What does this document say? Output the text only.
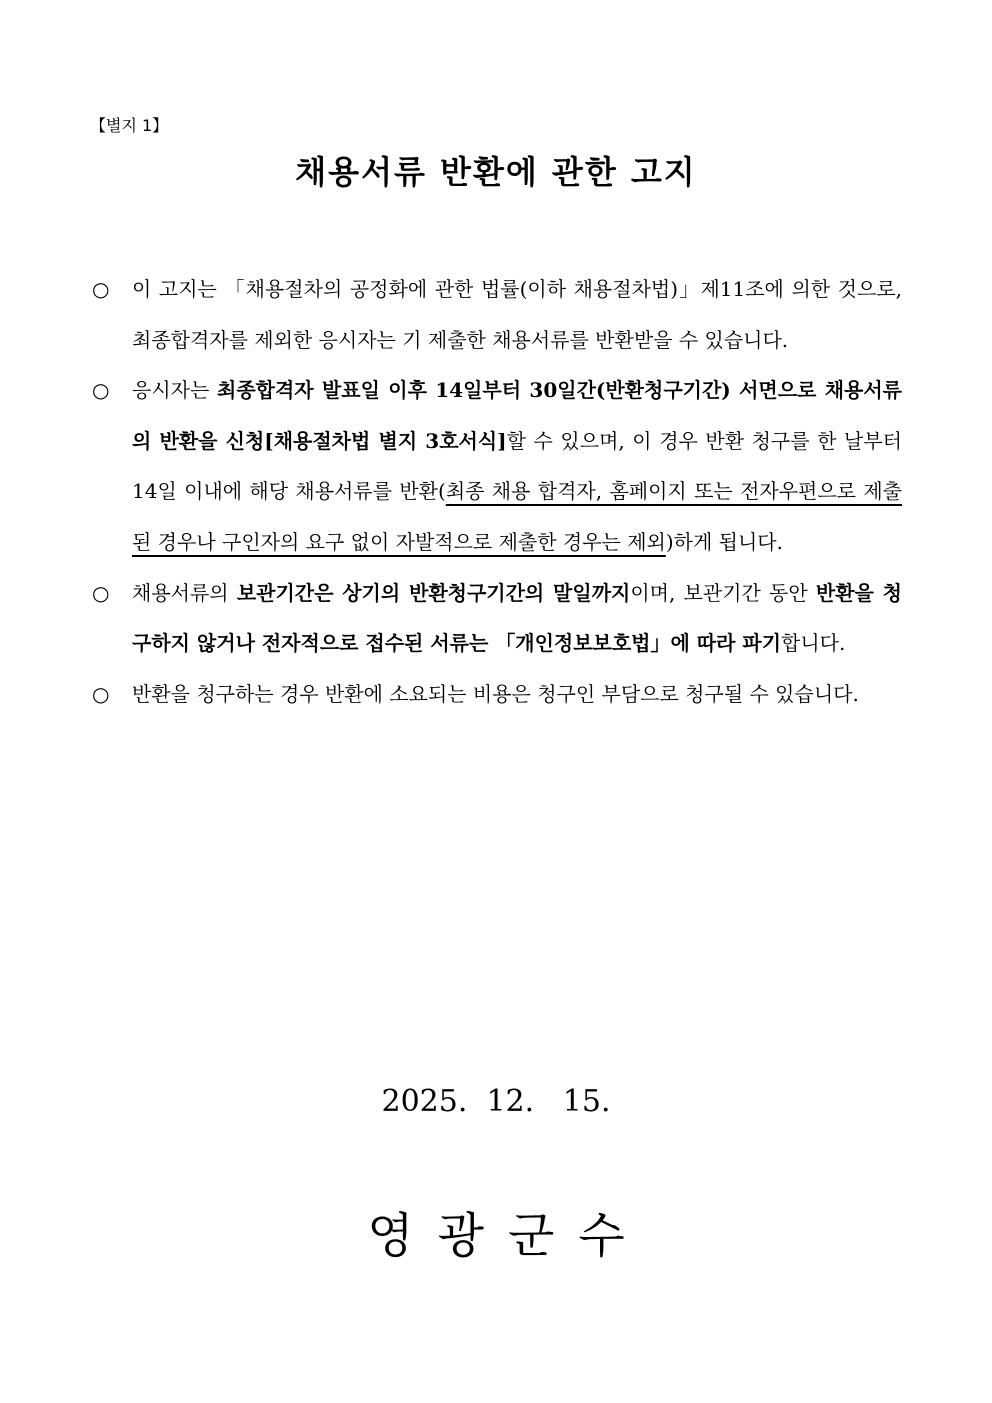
【별지 1】
채용서류 반환에 관한 고지
○ 이 고지는 「채용절차의 공정화에 관한 법률(이하 채용절차법)」제11조에 의한 것으로, 최종합격자를 제외한 응시자는 기 제출한 채용서류를 반환받을 수 있습니다.
○ 응시자는 최종합격자 발표일 이후 14일부터 30일간(반환청구기간) 서면으로 채용서류의 반환을 신청[채용절차법 별지 3호서식]할 수 있으며, 이 경우 반환 청구를 한 날부터 14일 이내에 해당 채용서류를 반환(최종 채용 합격자, 홈페이지 또는 전자우편으로 제출된 경우나 구인자의 요구 없이 자발적으로 제출한 경우는 제외)하게 됩니다.
○ 채용서류의 보관기간은 상기의 반환청구기간의 말일까지이며, 보관기간 동안 반환을 청구하지 않거나 전자적으로 접수된 서류는 「개인정보보호법」에 따라 파기합니다.
○ 반환을 청구하는 경우 반환에 소요되는 비용은 청구인 부담으로 청구될 수 있습니다.
2025.  12.   15.
영광군수
